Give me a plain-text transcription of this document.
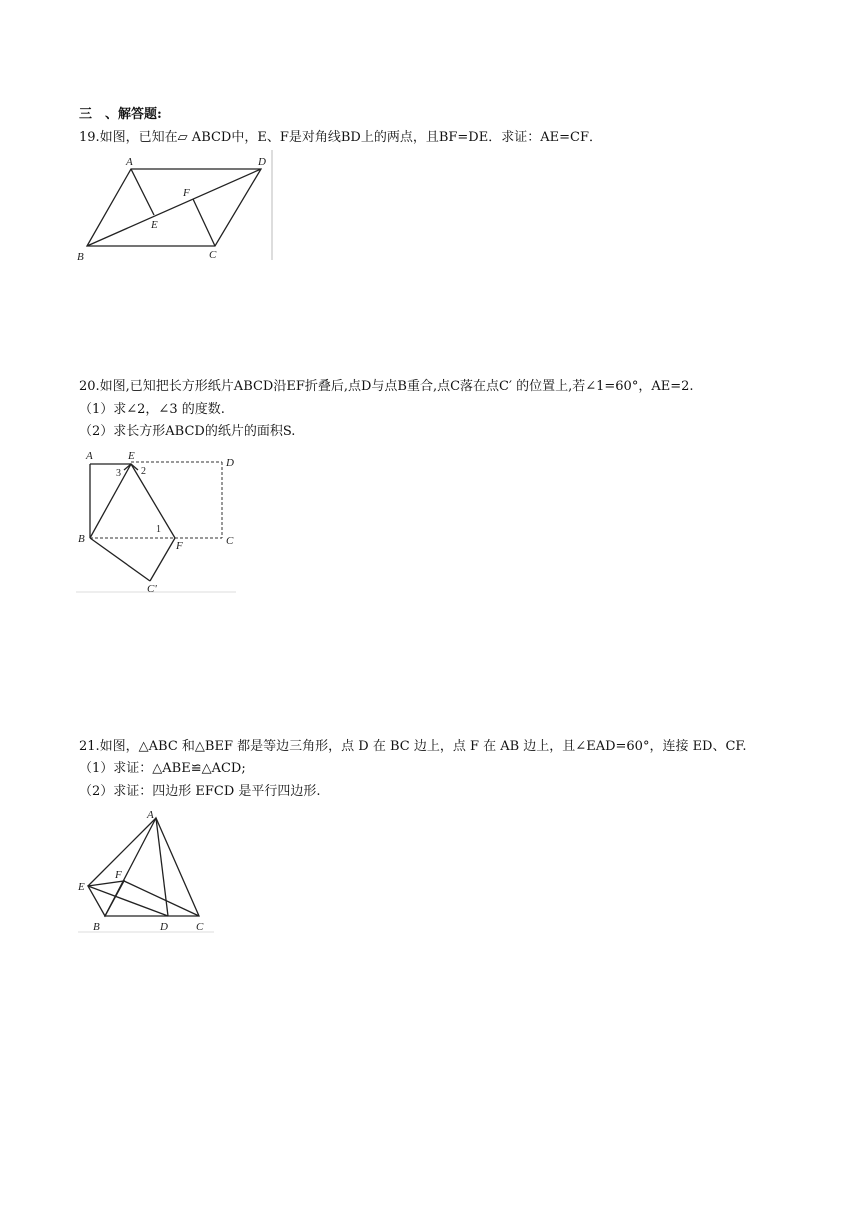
三　、解答题:
19.如图，已知在▱ ABCD中，E、F是对角线BD上的两点，且BF=DE．求证：AE=CF．
A	D
B	C
E
F
20.如图,已知把长方形纸片ABCD沿EF折叠后,点D与点B重合,点C落在点C′ 的位置上,若∠1=60°，AE=2.
（1）求∠2，∠3 的度数.
（2）求长方形ABCD的纸片的面积S.
A	E
D
B	C
F
C'
3 2
1
21.如图，△ABC 和△BEF 都是等边三角形，点 D 在 BC 边上，点 F 在 AB 边上，且∠EAD=60°，连接 ED、CF.
（1）求证：△ABE≌△ACD;
（2）求证：四边形 EFCD 是平行四边形.
A
E
F
B	D	C
